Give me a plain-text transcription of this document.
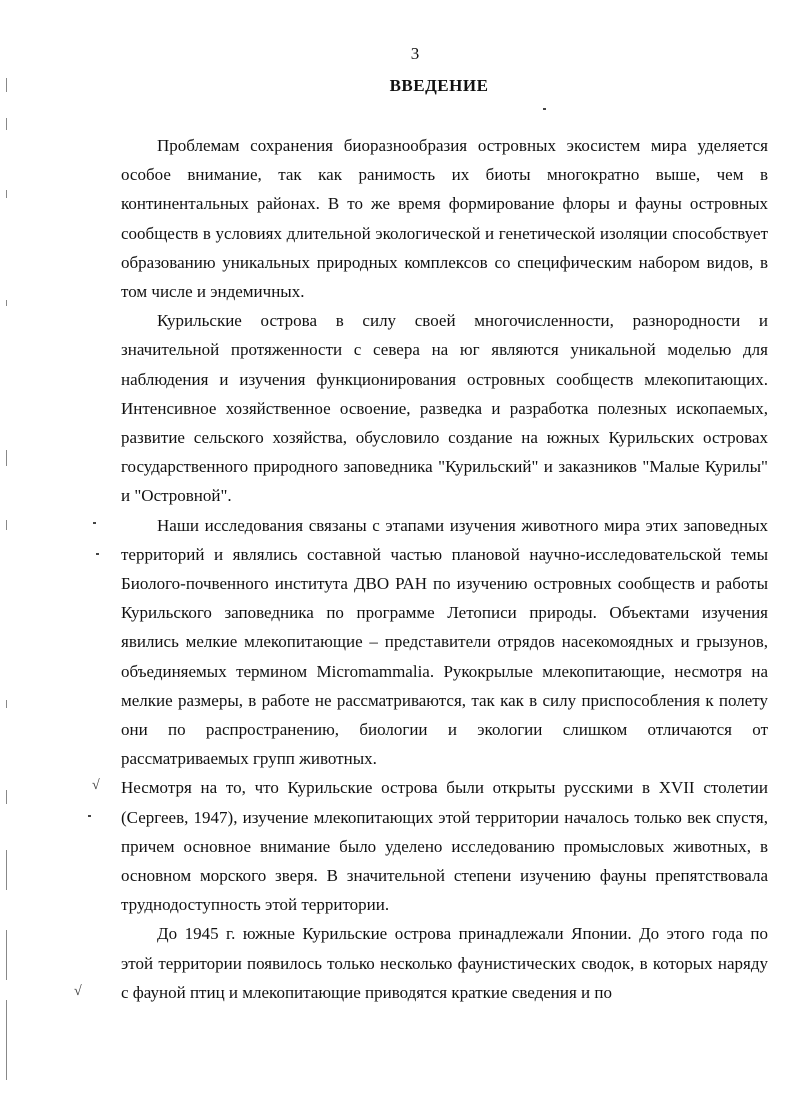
√
√
3
ВВЕДЕНИЕ

Проблемам сохранения биоразнообразия островных экосистем мира уделяется особое внимание, так как ранимость их биоты многократно выше, чем в континентальных районах. В то же время формирование флоры и фауны островных сообществ в условиях длительной экологической и генетической изоляции способствует образованию уникальных природных комплексов со специфическим набором видов, в том числе и эндемичных.

Курильские острова в силу своей многочисленности, разнородности и значительной протяженности с севера на юг являются уникальной моделью для наблюдения и изучения функционирования островных сообществ млекопитающих. Интенсивное хозяйственное освоение, разведка и разработка полезных ископаемых, развитие сельского хозяйства, обусловило создание на южных Курильских островах государственного природного заповедника "Курильский" и заказников "Малые Курилы" и "Островной".

Наши исследования связаны с этапами изучения животного мира этих заповедных территорий и являлись составной частью плановой научно-исследовательской темы Биолого-почвенного института ДВО РАН по изучению островных сообществ и работы Курильского заповедника по программе Летописи природы. Объектами изучения явились мелкие млекопитающие – представители отрядов насекомоядных и грызунов, объединяемых термином Micromammalia. Рукокрылые млекопитающие, несмотря на мелкие размеры, в работе не рассматриваются, так как в силу приспособления к полету они по распространению, биологии и экологии слишком отличаются от рассматриваемых групп животных.

Несмотря на то, что Курильские острова были открыты русскими в XVII столетии (Сергеев, 1947), изучение млекопитающих этой территории началось только век спустя, причем основное внимание было уделено исследованию промысловых животных, в основном морского зверя. В значительной степени изучению фауны препятствовала труднодоступность этой территории.

До 1945 г. южные Курильские острова принадлежали Японии. До этого года по этой территории появилось только несколько фаунистических сводок, в которых наряду с фауной птиц и млекопитающие приводятся краткие сведения и по
